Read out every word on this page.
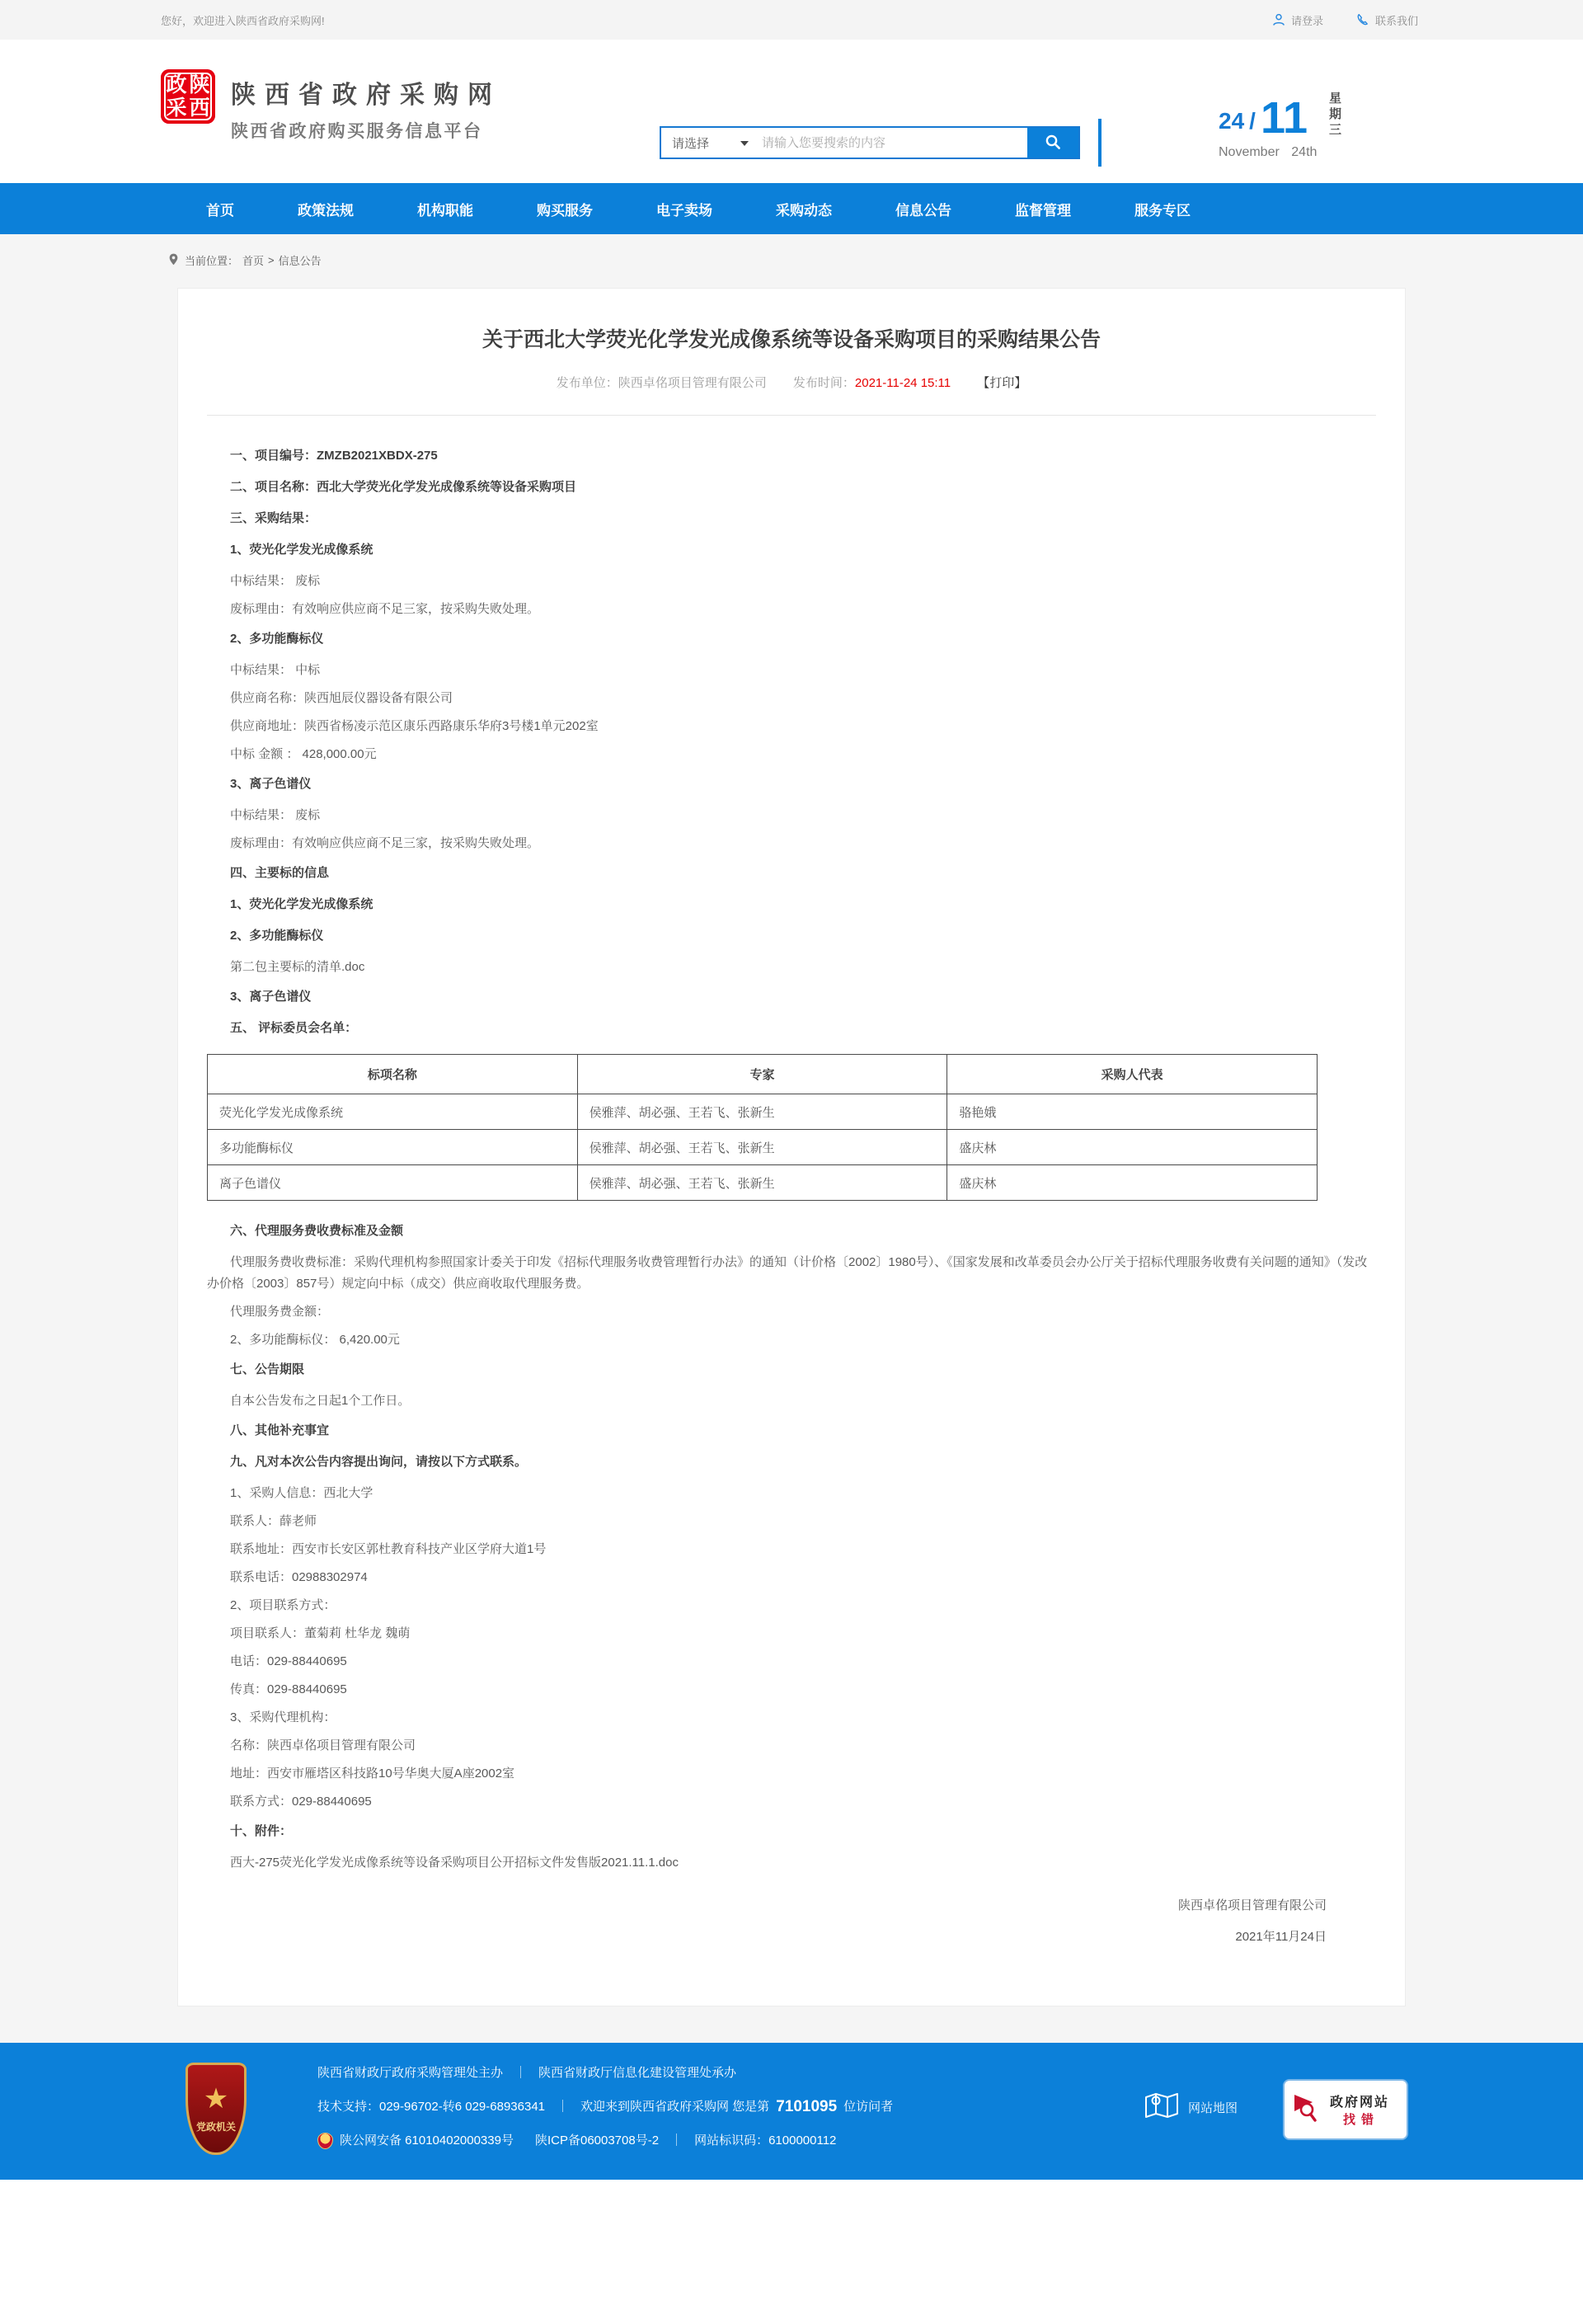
您好，欢迎进入陕西省政府采购网!	请登录	联系我们
政 陕
采 西 陕西省政府采购网
陕西省政府购买服务信息平台
请选择
请输入您要搜索的内容
24 / 11 星
期
三
November 24th
首页	政策法规	机构职能	购买服务	电子卖场	采购动态	信息公告	监督管理	服务专区
当前位置： 首页 > 信息公告
关于西北大学荧光化学发光成像系统等设备采购项目的采购结果公告
发布单位：陕西卓佲项目管理有限公司 发布时间：2021-11-24 15:11 【打印】

一、项目编号：ZMZB2021XBDX-275

二、项目名称：西北大学荧光化学发光成像系统等设备采购项目

三、采购结果：

1、荧光化学发光成像系统

中标结果： 废标

废标理由：有效响应供应商不足三家，按采购失败处理。

2、多功能酶标仪

中标结果： 中标

供应商名称：陕西旭辰仪器设备有限公司

供应商地址：陕西省杨凌示范区康乐西路康乐华府3号楼1单元202室

中标 金额 ： 428,000.00元

3、离子色谱仪

中标结果： 废标

废标理由：有效响应供应商不足三家，按采购失败处理。

四、主要标的信息

1、荧光化学发光成像系统

2、多功能酶标仪

第二包主要标的清单.doc

3、离子色谱仪

五、 评标委员会名单：

标项名称	专家	采购人代表
荧光化学发光成像系统	侯雅萍、胡必强、王若飞、张新生	骆艳娥
多功能酶标仪	侯雅萍、胡必强、王若飞、张新生	盛庆林
离子色谱仪	侯雅萍、胡必强、王若飞、张新生	盛庆林

六、代理服务费收费标准及金额

代理服务费收费标准：采购代理机构参照国家计委关于印发《招标代理服务收费管理暂行办法》的通知（计价格〔2002〕1980号）、《国家发展和改革委员会办公厅关于招标代理服务收费有关问题的通知》（发改办价格〔2003〕857号）规定向中标（成交）供应商收取代理服务费。

代理服务费金额：

2、多功能酶标仪： 6,420.00元

七、公告期限

自本公告发布之日起1个工作日。

八、其他补充事宜

九、凡对本次公告内容提出询问，请按以下方式联系。

1、采购人信息：西北大学

联系人：薛老师

联系地址：西安市长安区郭杜教育科技产业区学府大道1号

联系电话：02988302974

2、项目联系方式：

项目联系人：董菊莉 杜华龙 魏萌

电话：029-88440695

传真：029-88440695

3、采购代理机构：

名称：陕西卓佲项目管理有限公司

地址：西安市雁塔区科技路10号华奥大厦A座2002室

联系方式：029-88440695

十、附件：

西大-275荧光化学发光成像系统等设备采购项目公开招标文件发售版2021.11.1.doc

陕西卓佲项目管理有限公司
2021年11月24日
★
党政机关
陕西省财政厅政府采购管理处主办 ｜ 陕西省财政厅信息化建设管理处承办
技术支持：029-96702-转6 029-68936341 ｜ 欢迎来到陕西省政府采购网 您是第 7101095 位访问者
陕公网安备 61010402000339号 陕ICP备06003708号-2 ｜ 网站标识码：6100000112
网站地图	政府网站 找错
